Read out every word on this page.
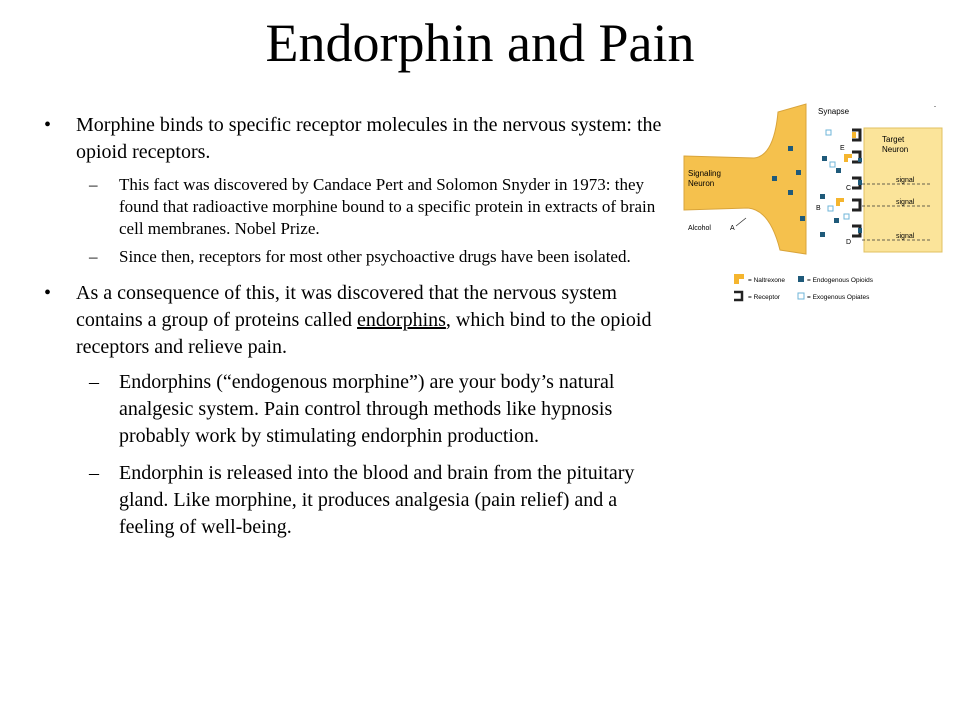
Endorphin and Pain
• Morphine binds to specific receptor molecules in the nervous system: the opioid receptors.
– This fact was discovered by Candace Pert and Solomon Snyder in 1973: they found that radioactive morphine bound to a specific protein in extracts of brain cell membranes. Nobel Prize.
– Since then, receptors for most other psychoactive drugs have been isolated.
• As a consequence of this, it was discovered that the nervous system contains a group of proteins called endorphins, which bind to the opioid receptors and relieve pain.
– Endorphins (“endogenous morphine”) are your body’s natural analgesic system. Pain control through methods like hypnosis probably work by stimulating endorphin production.
– Endorphin is released into the blood and brain from the pituitary gland. Like morphine, it produces analgesia (pain relief) and a feeling of well-being.
.
Synapse
Target
Neuron
Signaling
Neuron
Alcohol	A
signal
signal
signal
E
C
B
D
= Naltrexone	= Endogenous Opioids
= Receptor	= Exogenous Opiates
